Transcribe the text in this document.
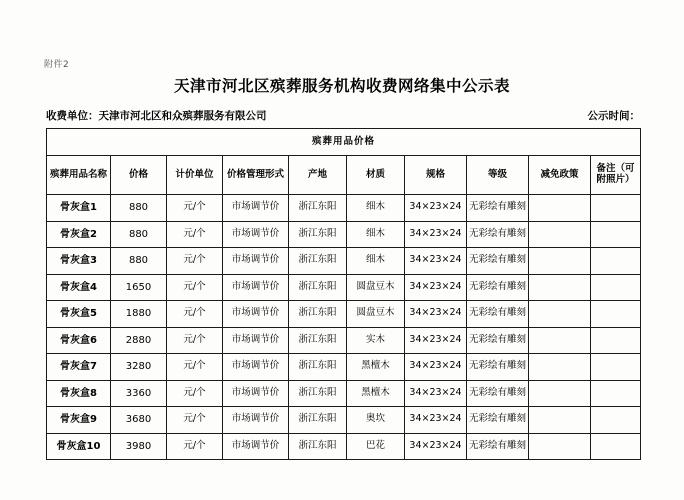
附件2
天津市河北区殡葬服务机构收费网络集中公示表
收费单位：天津市河北区和众殡葬服务有限公司	公示时间：
殡葬用品价格									
殡葬用品名称	价格	计价单位	价格管理形式	产地	材质	规格	等级	减免政策	备注（可附照片）
骨灰盒1	880	元/个	市场调节价	浙江东阳	细木	34×23×24	无彩绘有雕刻		
骨灰盒2	880	元/个	市场调节价	浙江东阳	细木	34×23×24	无彩绘有雕刻		
骨灰盒3	880	元/个	市场调节价	浙江东阳	细木	34×23×24	无彩绘有雕刻		
骨灰盒4	1650	元/个	市场调节价	浙江东阳	圆盘豆木	34×23×24	无彩绘有雕刻		
骨灰盒5	1880	元/个	市场调节价	浙江东阳	圆盘豆木	34×23×24	无彩绘有雕刻		
骨灰盒6	2880	元/个	市场调节价	浙江东阳	实木	34×23×24	无彩绘有雕刻		
骨灰盒7	3280	元/个	市场调节价	浙江东阳	黑檀木	34×23×24	无彩绘有雕刻		
骨灰盒8	3360	元/个	市场调节价	浙江东阳	黑檀木	34×23×24	无彩绘有雕刻		
骨灰盒9	3680	元/个	市场调节价	浙江东阳	奥坎	34×23×24	无彩绘有雕刻		
骨灰盒10	3980	元/个	市场调节价	浙江东阳	巴花	34×23×24	无彩绘有雕刻		
